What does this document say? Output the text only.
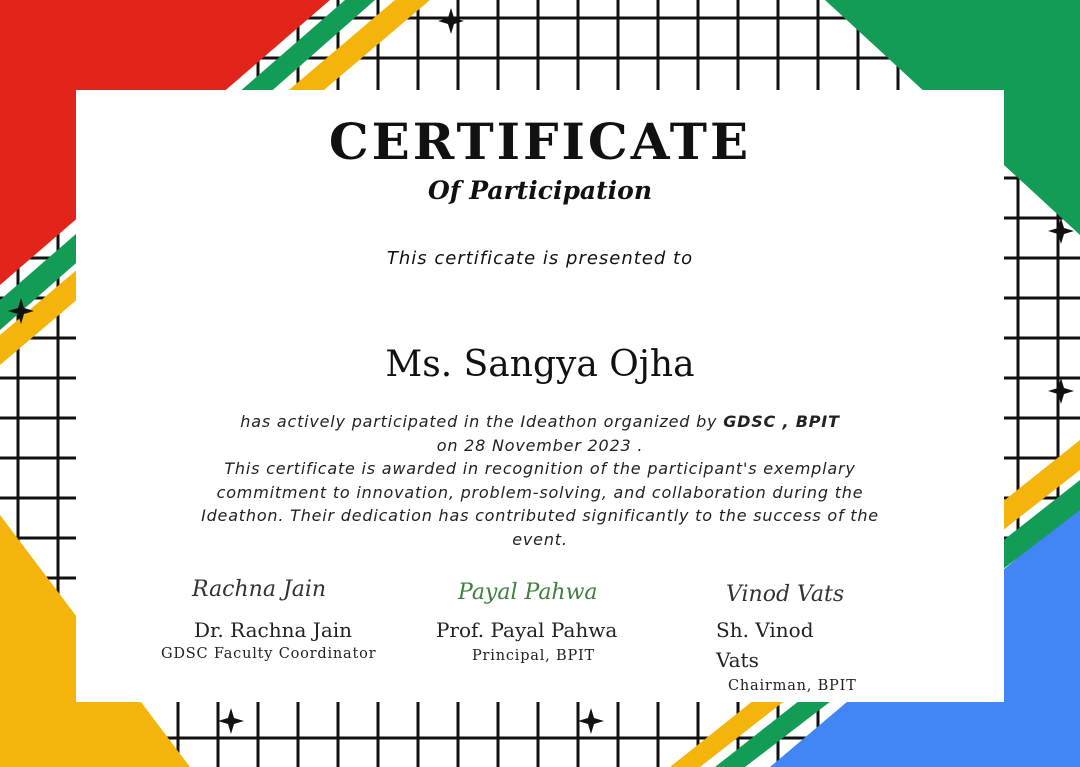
CERTIFICATE
Of Participation
This certificate is presented to
Ms. Sangya Ojha

has actively participated in the Ideathon organized by GDSC , BPIT

on 28 November 2023 .

This certificate is awarded in recognition of the participant's exemplary commitment to innovation, problem-solving, and collaboration during the Ideathon. Their dedication has contributed significantly to the success of the event.

Rachna Jain
Dr. Rachna Jain
GDSC Faculty Coordinator
Payal Pahwa
Prof. Payal Pahwa
Principal, BPIT
Vinod Vats
Sh. Vinod
Vats
Chairman, BPIT
